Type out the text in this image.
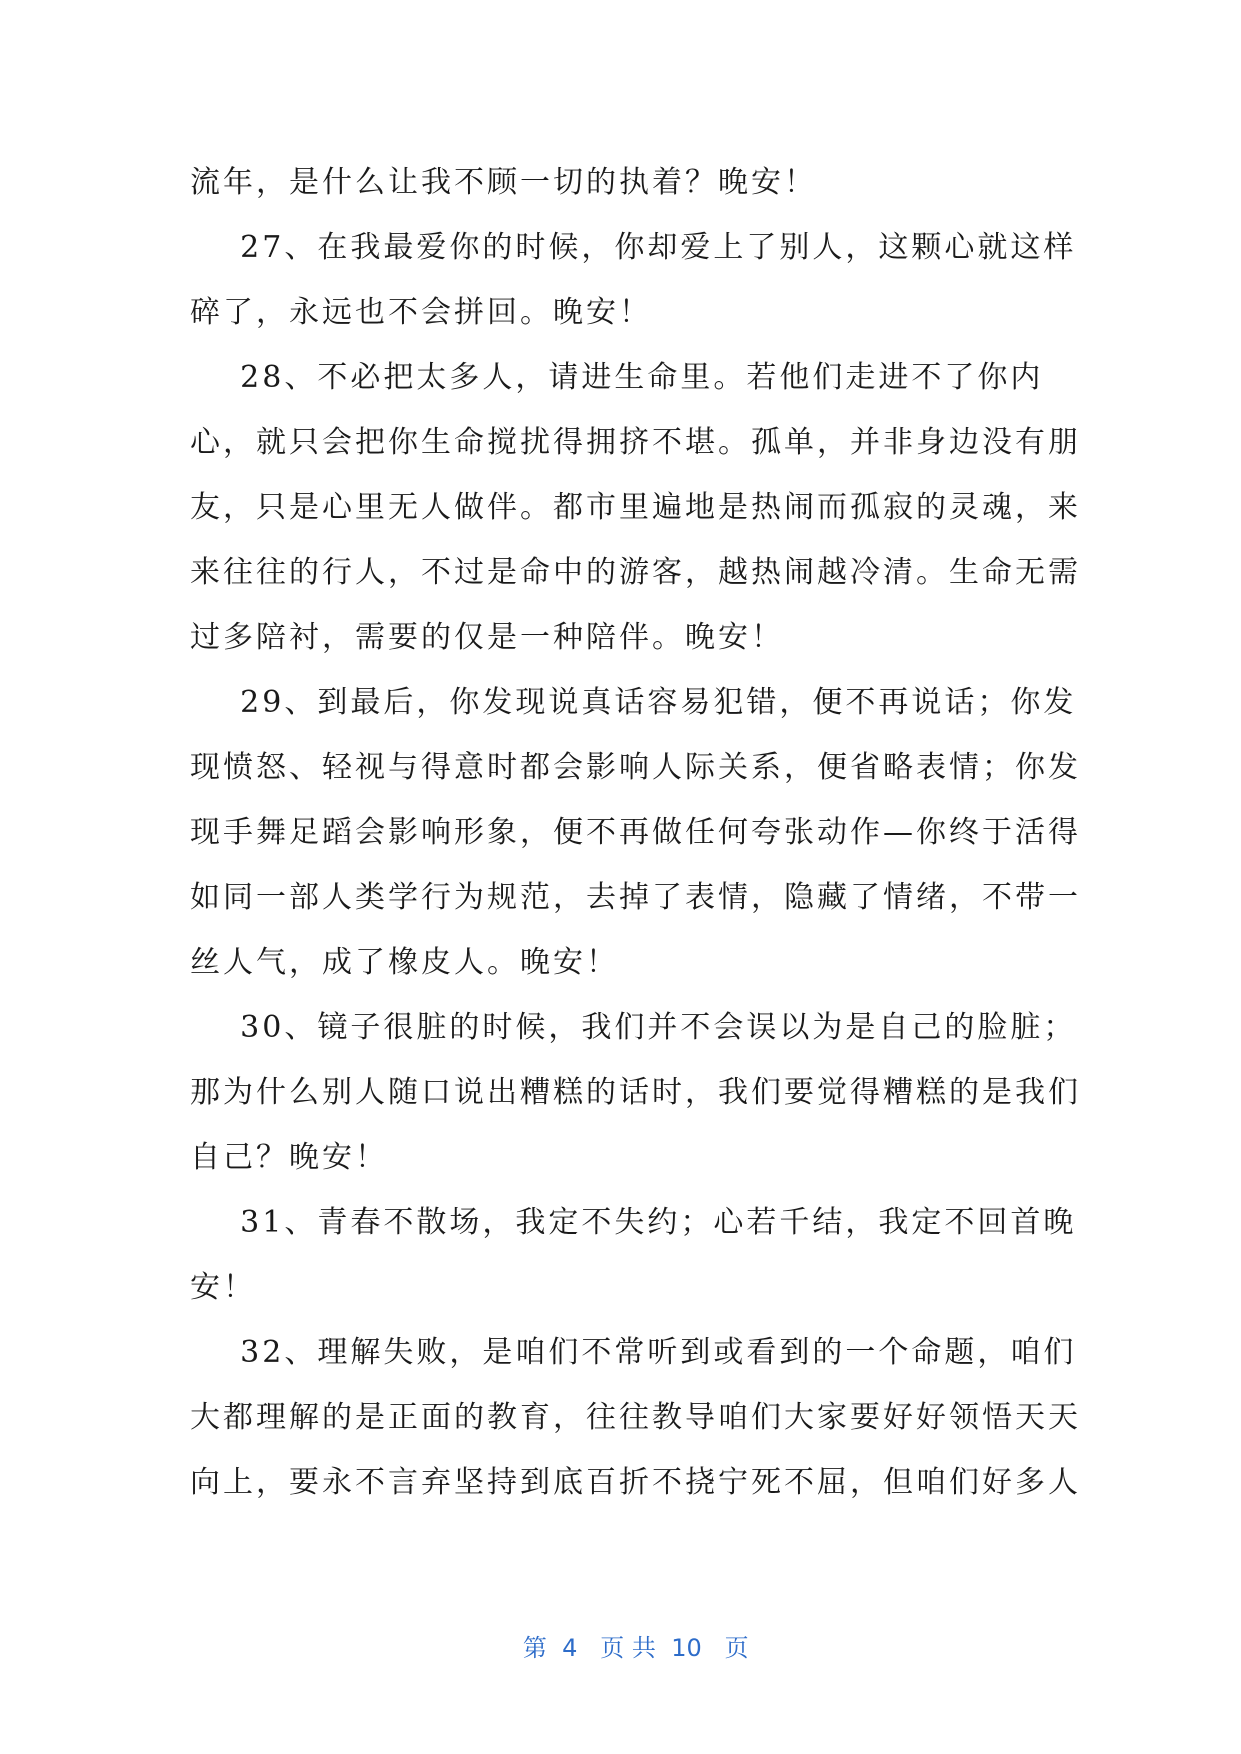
流年，是什么让我不顾一切的执着？晚安！
27、在我最爱你的时候，你却爱上了别人，这颗心就这样
碎了，永远也不会拼回。晚安！
28、不必把太多人，请进生命里。若他们走进不了你内
心，就只会把你生命搅扰得拥挤不堪。孤单，并非身边没有朋
友，只是心里无人做伴。都市里遍地是热闹而孤寂的灵魂，来
来往往的行人，不过是命中的游客，越热闹越冷清。生命无需
过多陪衬，需要的仅是一种陪伴。晚安！
29、到最后，你发现说真话容易犯错，便不再说话；你发
现愤怒、轻视与得意时都会影响人际关系，便省略表情；你发
现手舞足蹈会影响形象，便不再做任何夸张动作—你终于活得
如同一部人类学行为规范，去掉了表情，隐藏了情绪，不带一
丝人气，成了橡皮人。晚安！
30、镜子很脏的时候，我们并不会误以为是自己的脸脏；
那为什么别人随口说出糟糕的话时，我们要觉得糟糕的是我们
自己？晚安！
31、青春不散场，我定不失约；心若千结，我定不回首晚
安！
32、理解失败，是咱们不常听到或看到的一个命题，咱们
大都理解的是正面的教育，往往教导咱们大家要好好领悟天天
向上，要永不言弃坚持到底百折不挠宁死不屈，但咱们好多人

第  4   页 共  10   页
